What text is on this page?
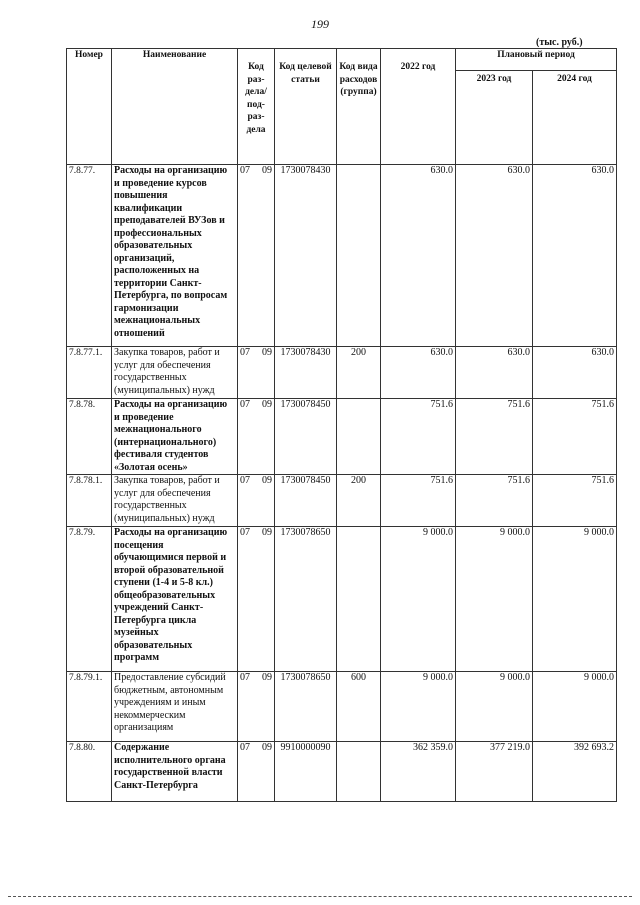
199
(тыс. руб.)
Номер	Наименование	Код раз-дела/ под-раз-дела	Код целевой статьи	Код вида расходов (группа)	2022 год	Плановый период	
						2023 год	2024 год
7.8.77.	Расходы на организацию и проведение курсов повышения квалификации преподавателей ВУЗов и профессиональных образовательных организаций, расположенных на территории Санкт-Петербурга, по вопросам гармонизации межнациональных отношений	07 09	1730078430		630.0	630.0	630.0
7.8.77.1.	Закупка товаров, работ и услуг для обеспечения государственных (муниципальных) нужд	07 09	1730078430	200	630.0	630.0	630.0
7.8.78.	Расходы на организацию и проведение межнационального (интернационального) фестиваля студентов «Золотая осень»	07 09	1730078450		751.6	751.6	751.6
7.8.78.1.	Закупка товаров, работ и услуг для обеспечения государственных (муниципальных) нужд	07 09	1730078450	200	751.6	751.6	751.6
7.8.79.	Расходы на организацию посещения обучающимися первой и второй образовательной ступени (1-4 и 5-8 кл.) общеобразовательных учреждений Санкт-Петербурга цикла музейных образовательных программ	07 09	1730078650		9 000.0	9 000.0	9 000.0
7.8.79.1.	Предоставление субсидий бюджетным, автономным учреждениям и иным некоммерческим организациям	07 09	1730078650	600	9 000.0	9 000.0	9 000.0
7.8.80.	Содержание исполнительного органа государственной власти Санкт-Петербурга	07 09	9910000090		362 359.0	377 219.0	392 693.2
